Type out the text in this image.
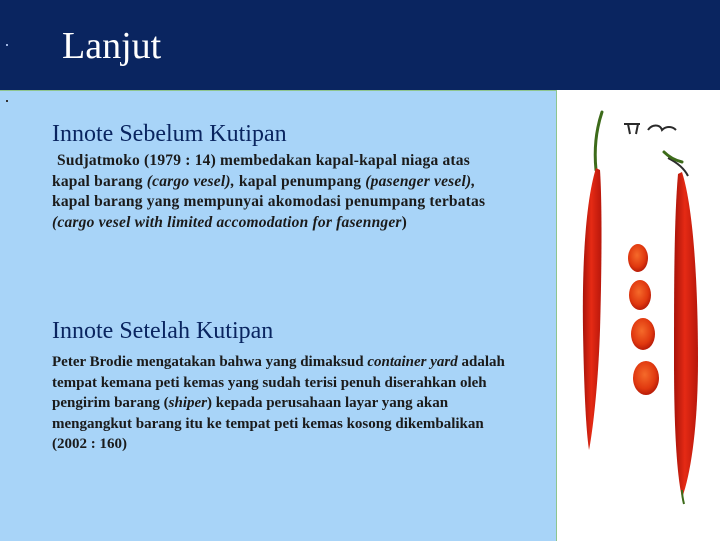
Lanjut
Innote Sebelum Kutipan
Sudjatmoko (1979 : 14) membedakan kapal-kapal niaga atas kapal barang (cargo vesel), kapal penumpang (pasenger vesel), kapal barang yang mempunyai akomodasi penumpang terbatas (cargo vesel with limited accomodation for fasennger)
Innote Setelah Kutipan
Peter Brodie mengatakan bahwa yang dimaksud container yard adalah tempat kemana peti kemas yang sudah terisi penuh diserahkan oleh pengirim barang (shiper) kepada perusahaan layar yang akan mengangkut barang itu ke tempat peti kemas kosong dikembalikan (2002 : 160)
